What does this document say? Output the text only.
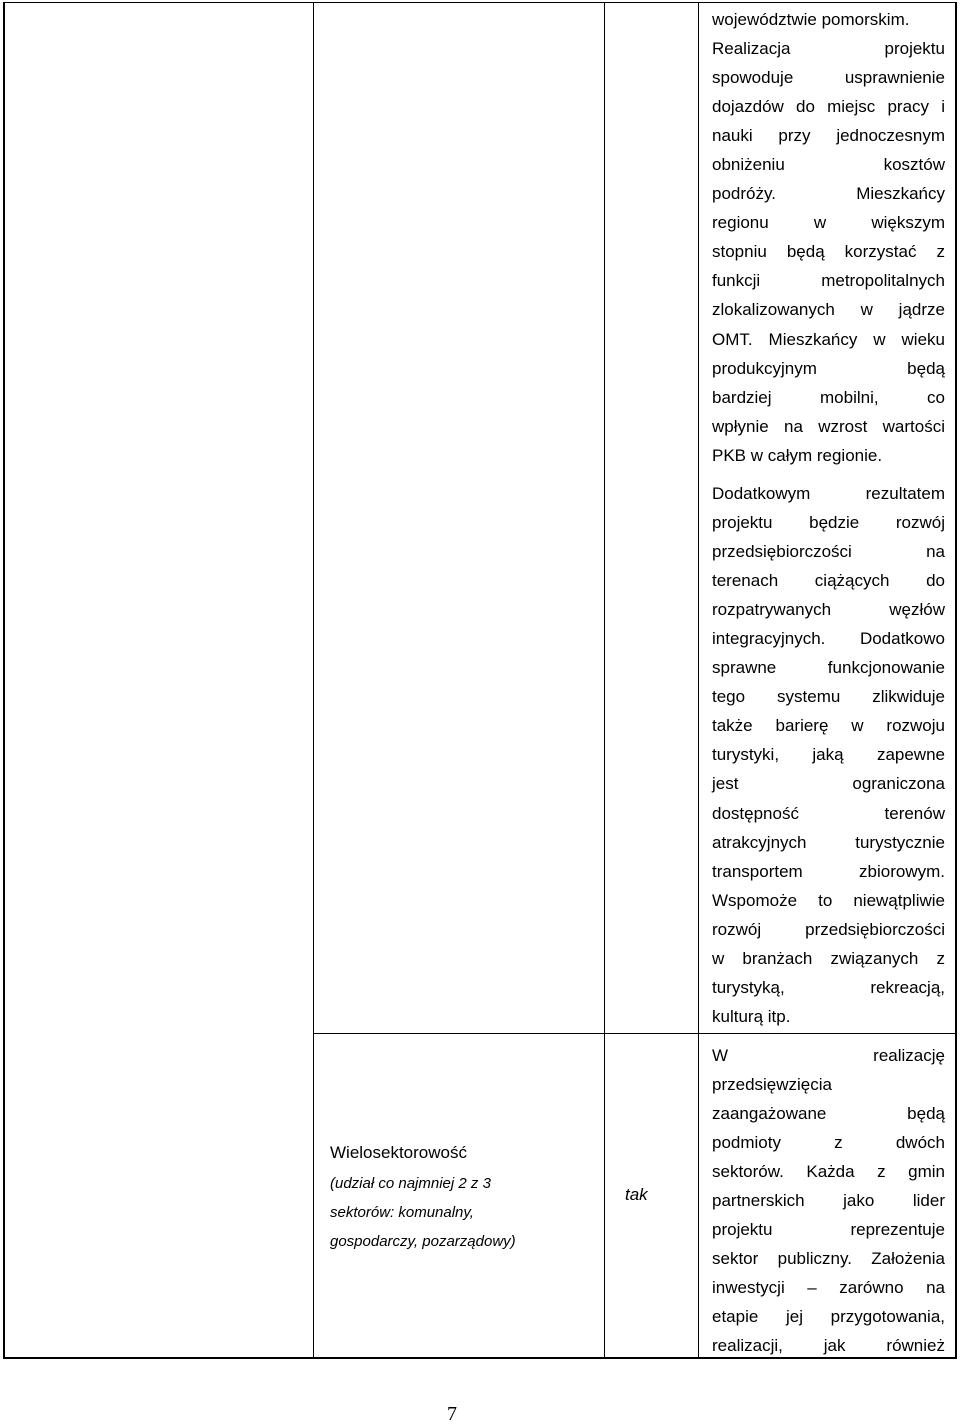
województwie pomorskim.
Realizacja projektu
spowoduje usprawnienie
dojazdów do miejsc pracy i
nauki przy jednoczesnym
obniżeniu kosztów
podróży. Mieszkańcy
regionu w większym
stopniu będą korzystać z
funkcji metropolitalnych
zlokalizowanych w jądrze
OMT. Mieszkańcy w wieku
produkcyjnym będą
bardziej mobilni, co
wpłynie na wzrost wartości
PKB w całym regionie.
Dodatkowym rezultatem
projektu będzie rozwój
przedsiębiorczości na
terenach ciążących do
rozpatrywanych węzłów
integracyjnych. Dodatkowo
sprawne funkcjonowanie
tego systemu zlikwiduje
także barierę w rozwoju
turystyki, jaką zapewne
jest ograniczona
dostępność terenów
atrakcyjnych turystycznie
transportem zbiorowym.
Wspomoże to niewątpliwie
rozwój przedsiębiorczości
w branżach związanych z
turystyką, rekreacją,
kulturą itp.
W realizację
przedsięwzięcia
zaangażowane będą
podmioty z dwóch
sektorów. Każda z gmin
partnerskich jako lider
projektu reprezentuje
sektor publiczny. Założenia
inwestycji – zarówno na
etapie jej przygotowania,
realizacji, jak również
Wielosektorowość
(udział co najmniej 2 z 3
sektorów: komunalny,
gospodarczy, pozarządowy)
tak
7
